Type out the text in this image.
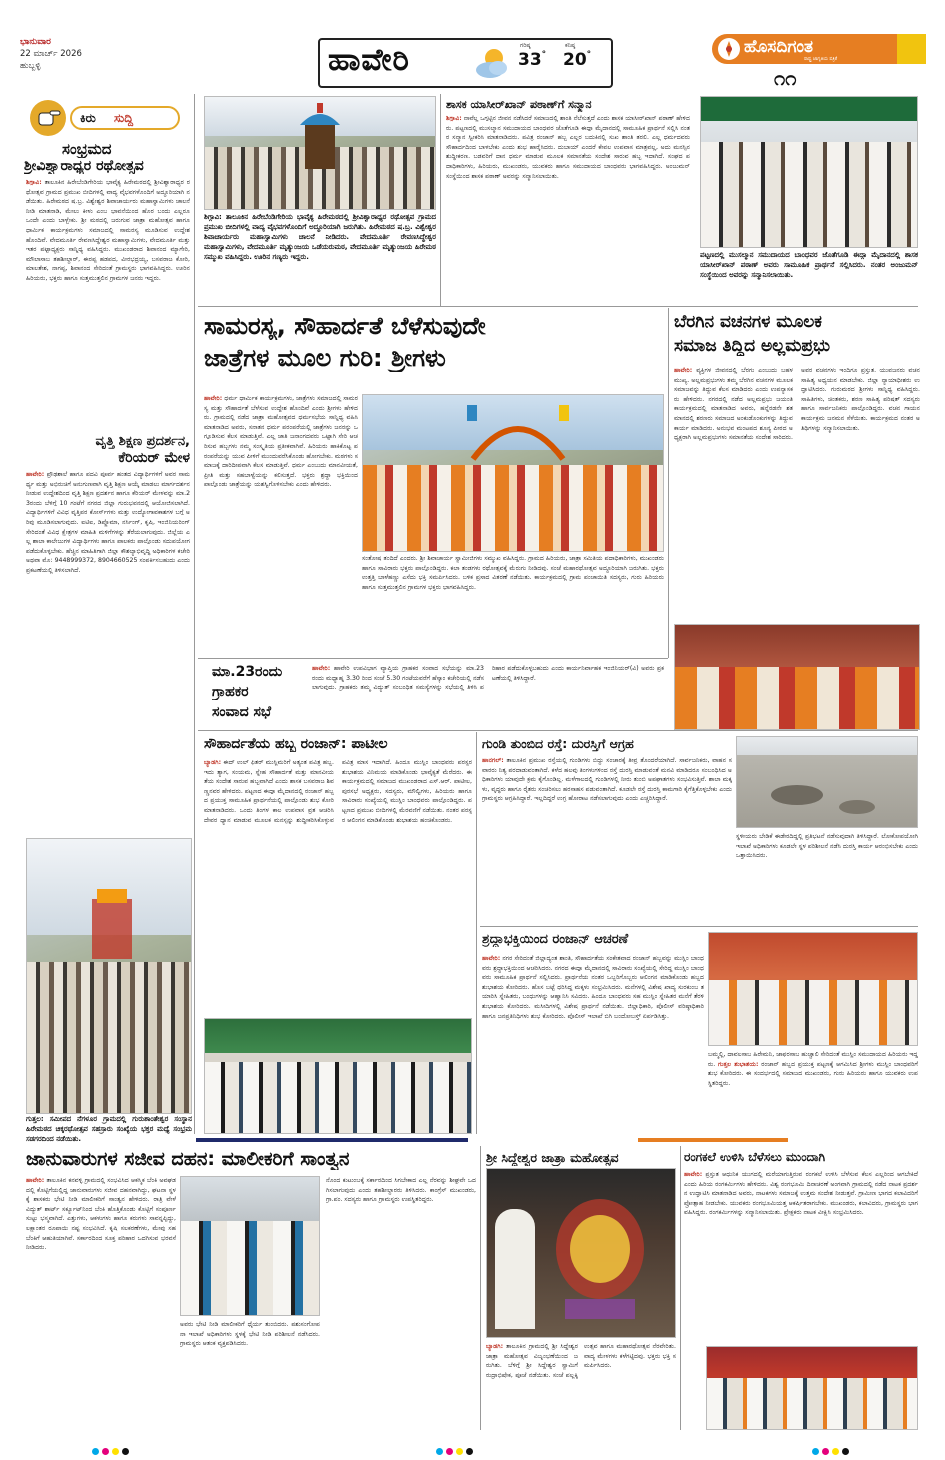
ಭಾನುವಾರ
22 ಮಾರ್ಚ್ 2026
ಹುಬ್ಬಳ್ಳಿ	ಹಾವೇರಿ	ಗರಿಷ್ಠ
33°
ಕನಿಷ್ಠ
20°	ಹೊಸದಿಗಂತ
ರಾಷ್ಟ್ರ ಜಾಗೃತಿಯ ಪತ್ರಿಕೆ
೧೧
ಕಿರು ಸುದ್ದಿ
ಸಂಭ್ರಮದ
ಶ್ರೀವಿಶ್ವಾರಾಧ್ಯರ ರಥೋತ್ಸವ
ಶಿಗ್ಗಾವಿ: ತಾಲೂಕಿನ ಹಿರೇಬೆಂಡಿಗೇರಿಯ ಭಾವೈಕ್ಯ ಹಿರೇಮಠದಲ್ಲಿ ಶ್ರೀವಿಶ್ವಾರಾಧ್ಯರ ರಥೋತ್ಸವ ಗ್ರಾಮದ ಪ್ರಮುಖ ಬೀದಿಗಳಲ್ಲಿ ವಾದ್ಯ ವೈಭವಗಳೊಂದಿಗೆ ಅದ್ಧೂರಿಯಾಗಿ ನಡೆಯಿತು. ಹಿರೇಮಠದ ಷ.ಬ್ರ. ವಿಶ್ವೇಶ್ವರ ಶಿವಾಚಾರ್ಯರು ಮಹಾಸ್ವಾಮಿಗಳು ಚಾಲನೆ ನೀಡಿ ಮಾತನಾಡಿ, ಮೇಲು ಕೀಳು ಎಂಬ ಭಾವನೆಯಿಂದ ಹೊರ ಬಂದು ಎಲ್ಲರೂ ಒಂದೇ ಎಂದು ಬಾಳ್ಬೇಕು. ಶ್ರೀ ಮಠದಲ್ಲಿ ಜರುಗುವ ಜಾತ್ರಾ ಮಹೋತ್ಸವ ಹಾಗೂ ಧಾರ್ಮಿಕ ಕಾರ್ಯಕ್ರಮಗಳು ಸಮಾಜದಲ್ಲಿ ಸಾಮರಸ್ಯ ಮೂಡಿಸುವ ಉದ್ದೇಶ ಹೊಂದಿವೆ. ವೇದಮೂರ್ತಿ ರೇವಣಸಿದ್ಧೇಶ್ವರ ಮಹಾಸ್ವಾಮಿಗಳು, ವೇದಮೂರ್ತಿ ಮತ್ತು ಇತರ ಪಟ್ಟಾಧ್ಯಕ್ಷರು ಸಾನ್ನಿಧ್ಯ ವಹಿಸಿದ್ದರು. ಮುಖಂಡರಾದ ಶಿವಾನಂದ ಮ್ಯಾಗೇರಿ, ಮೌಲಾಸಾಬ ತಹಶೀಲ್ದಾರ್, ಈರಪ್ಪ ಹಡಪದ, ವೀರಭದ್ರಯ್ಯ, ಬಸವರಾಜ ಕೋರಿ, ಮಾಲತೇಶ, ನಾಗಪ್ಪ, ಶಿವಾನಂದ ಸೇರಿದಂತೆ ಗ್ರಾಮಸ್ಥರು ಭಾಗವಹಿಸಿದ್ದರು. ಊರಿನ ಹಿರಿಯರು, ಭಕ್ತರು ಹಾಗೂ ಸುತ್ತಮುತ್ತಲಿನ ಗ್ರಾಮಗಳ ಜನರು ಇದ್ದರು.
ವೃತ್ತಿ ಶಿಕ್ಷಣ ಪ್ರದರ್ಶನ,
ಕೆರಿಯರ್ ಮೇಳ
ಹಾವೇರಿ: ಪ್ರೌಢಶಾಲೆ ಹಾಗೂ ಪದವಿ ಪೂರ್ವ ಹಂತದ ವಿದ್ಯಾರ್ಥಿಗಳಿಗೆ ಅವರ ಸಾಮರ್ಥ್ಯ ಮತ್ತು ಅಭಿರುಚಿಗೆ ಅನುಗುಣವಾಗಿ ವೃತ್ತಿ ಶಿಕ್ಷಣ ಆಯ್ಕೆ ಮಾಡಲು ಮಾರ್ಗದರ್ಶನ ನೀಡುವ ಉದ್ದೇಶದಿಂದ ವೃತ್ತಿ ಶಿಕ್ಷಣ ಪ್ರದರ್ಶನ ಹಾಗೂ ಕೆರಿಯರ್ ಮೇಳವನ್ನು ಮಾ.23ರಂದು ಬೆಳಿಗ್ಗೆ 10 ಗಂಟೆಗೆ ನಗರದ ಜಿಲ್ಲಾ ಗುರುಭವನದಲ್ಲಿ ಆಯೋಜಿಸಲಾಗಿದೆ. ವಿದ್ಯಾರ್ಥಿಗಳಿಗೆ ವಿವಿಧ ವೃತ್ತಿಪರ ಕೋರ್ಸ್‌ಗಳು ಮತ್ತು ಉದ್ಯೋಗಾವಕಾಶಗಳ ಬಗ್ಗೆ ಅರಿವು ಮೂಡಿಸಲಾಗುವುದು. ಐಟಿಐ, ಡಿಪ್ಲೊಮಾ, ನರ್ಸಿಂಗ್, ಕೃಷಿ, ಇಂಜಿನಿಯರಿಂಗ್ ಸೇರಿದಂತೆ ವಿವಿಧ ಕ್ಷೇತ್ರಗಳ ಮಾಹಿತಿ ಮಳಿಗೆಗಳನ್ನು ತೆರೆಯಲಾಗುವುದು. ಜಿಲ್ಲೆಯ ಎಲ್ಲ ಶಾಲಾ ಕಾಲೇಜುಗಳ ವಿದ್ಯಾರ್ಥಿಗಳು ಹಾಗೂ ಪಾಲಕರು ಪಾಲ್ಗೊಂಡು ಸದುಪಯೋಗ ಪಡೆದುಕೊಳ್ಳಬೇಕು. ಹೆಚ್ಚಿನ ಮಾಹಿತಿಗಾಗಿ ಜಿಲ್ಲಾ ಕೌಶಲ್ಯಾಭಿವೃದ್ಧಿ ಅಧಿಕಾರಿಗಳ ಕಚೇರಿ ಅಥವಾ ಮೊ: 9448999372, 8904660525 ಸಂಪರ್ಕಿಸಬಹುದು ಎಂದು ಪ್ರಕಟಣೆಯಲ್ಲಿ ತಿಳಿಸಲಾಗಿದೆ.
ಗುತ್ತಲ: ಸಮೀಪದ ನೆಗಳೂರ ಗ್ರಾಮದಲ್ಲಿ ಗುರುಶಾಂತೇಶ್ವರ ಸಂಸ್ಥಾನ ಹಿರೇಮಠದ ಚಿಕ್ಕರಥೋತ್ಸವ ಸಹಸ್ರಾರು ಸಂಖ್ಯೆಯ ಭಕ್ತರ ಮಧ್ಯೆ ಸಂಭ್ರಮ ಸಡಗರದಿಂದ ನಡೆಯಿತು.
ಶಿಗ್ಗಾವಿ: ತಾಲೂಕಿನ ಹಿರೇಬೆಂಡಿಗೇರಿಯ ಭಾವೈಕ್ಯ ಹಿರೇಮಠದಲ್ಲಿ ಶ್ರೀವಿಶ್ವಾರಾಧ್ಯರ ರಥೋತ್ಸವ ಗ್ರಾಮದ ಪ್ರಮುಖ ಬೀದಿಗಳಲ್ಲಿ ವಾದ್ಯ ವೈಭವಗಳೊಂದಿಗೆ ಅದ್ಧೂರಿಯಾಗಿ ಜರುಗಿತು. ಹಿರೇಮಠದ ಷ.ಬ್ರ. ವಿಶ್ವೇಶ್ವರ ಶಿವಾಚಾರ್ಯರು ಮಹಾಸ್ವಾಮಿಗಳು ಚಾಲನೆ ನೀಡಿದರು. ವೇದಮೂರ್ತಿ ರೇವಣಸಿದ್ಧೇಶ್ವರ ಮಹಾಸ್ವಾಮಿಗಳು, ವೇದಮೂರ್ತಿ ಮೃತ್ಯುಂಜಯ ಒಡೆಯರುಮಠ, ವೇದಮೂರ್ತಿ ಮೃತ್ಯುಂಜಯ ಹಿರೇಮಠ ಸಮ್ಮುಖ ವಹಿಸಿದ್ದರು. ಊರಿನ ಗಣ್ಯರು ಇದ್ದರು.
ಶಾಸಕ ಯಾಸೀರ್‌ಖಾನ್ ಪಠಾಣ್‌ಗೆ ಸನ್ಮಾನ
ಶಿಗ್ಗಾವಿ: ನಾವೆಲ್ಲ ಒಗ್ಗಟ್ಟಿನ ಜೀವನ ನಡೆಸಿದರೆ ಸಮಾಜದಲ್ಲಿ ಶಾಂತಿ ನೆಲೆಸುತ್ತದೆ ಎಂದು ಶಾಸಕ ಯಾಸೀರ್‌ಖಾನ್ ಪಠಾಣ್ ಹೇಳಿದರು. ಪಟ್ಟಣದಲ್ಲಿ ಮುಸಲ್ಮಾನ ಸಮುದಾಯದ ಬಾಂಧವರ ಜೊತೆಗೂಡಿ ಈದ್ಗಾ ಮೈದಾನದಲ್ಲಿ ಸಾಮೂಹಿಕ ಪ್ರಾರ್ಥನೆ ಸಲ್ಲಿಸಿ ನಂತರ ಸನ್ಮಾನ ಸ್ವೀಕರಿಸಿ ಮಾತನಾಡಿದರು. ಪವಿತ್ರ ರಂಜಾನ್ ಹಬ್ಬ ಎಲ್ಲರ ಬದುಕಿನಲ್ಲಿ ಸುಖ ಶಾಂತಿ ತರಲಿ. ಎಲ್ಲ ಧರ್ಮದವರು ಸೌಹಾರ್ದದಿಂದ ಬಾಳಬೇಕು ಎಂದು ಶುಭ ಹಾರೈಸಿದರು. ದುಬಾಯ್ ಎಂದರೆ ಕೇವಲ ಉಪವಾಸ ಮಾತ್ರವಲ್ಲ, ಅದು ಮನಸ್ಸಿನ ಶುದ್ಧೀಕರಣ. ಬಡವರಿಗೆ ದಾನ ಧರ್ಮ ಮಾಡುವ ಮೂಲಕ ಸಮಾನತೆಯ ಸಂದೇಶ ಸಾರುವ ಹಬ್ಬ ಇದಾಗಿದೆ. ಸಂಘದ ಪದಾಧಿಕಾರಿಗಳು, ಹಿರಿಯರು, ಮುಖಂಡರು, ಯುವಕರು ಹಾಗೂ ಸಮುದಾಯದ ಬಾಂಧವರು ಭಾಗವಹಿಸಿದ್ದರು. ಅಂಜುಮನ್ ಸಂಸ್ಥೆಯಿಂದ ಶಾಸಕ ಪಠಾಣ್ ಅವರನ್ನು ಸನ್ಮಾನಿಸಲಾಯಿತು.
ಪಟ್ಟಣದಲ್ಲಿ ಮುಸಲ್ಮಾನ ಸಮುದಾಯದ ಬಾಂಧವರ ಜೊತೆಗೂಡಿ ಈದ್ಗಾ ಮೈದಾನದಲ್ಲಿ ಶಾಸಕ ಯಾಸೀರ್‌ಖಾನ್ ಪಠಾಣ್ ಅವರು ಸಾಮೂಹಿಕ ಪ್ರಾರ್ಥನೆ ಸಲ್ಲಿಸಿದರು. ನಂತರ ಅಂಜುಮನ್ ಸಂಸ್ಥೆಯಿಂದ ಅವರನ್ನು ಸನ್ಮಾನಿಸಲಾಯಿತು.
ಸಾಮರಸ್ಯ, ಸೌಹಾರ್ದತೆ ಬೆಳೆಸುವುದೇ
ಜಾತ್ರೆಗಳ ಮೂಲ ಗುರಿ: ಶ್ರೀಗಳು
ಹಾವೇರಿ: ಧರ್ಮ ಧಾರ್ಮಿಕ ಕಾರ್ಯಕ್ರಮಗಳು, ಜಾತ್ರೆಗಳು ಸಮಾಜದಲ್ಲಿ ಸಾಮರಸ್ಯ ಮತ್ತು ಸೌಹಾರ್ದತೆ ಬೆಳೆಸುವ ಉದ್ದೇಶ ಹೊಂದಿವೆ ಎಂದು ಶ್ರೀಗಳು ಹೇಳಿದರು. ಗ್ರಾಮದಲ್ಲಿ ನಡೆದ ಜಾತ್ರಾ ಮಹೋತ್ಸವದ ಧರ್ಮಸಭೆಯ ಸಾನ್ನಿಧ್ಯ ವಹಿಸಿ ಮಾತನಾಡಿದ ಅವರು, ಸನಾತನ ಧರ್ಮ ಪರಂಪರೆಯಲ್ಲಿ ಜಾತ್ರೆಗಳು ಜನರನ್ನು ಒಗ್ಗೂಡಿಸುವ ಕೆಲಸ ಮಾಡುತ್ತಿವೆ. ಎಲ್ಲ ಜಾತಿ ಜನಾಂಗದವರು ಒಟ್ಟಾಗಿ ಸೇರಿ ಆಚರಿಸುವ ಹಬ್ಬಗಳು ನಮ್ಮ ಸಂಸ್ಕೃತಿಯ ಪ್ರತೀಕವಾಗಿವೆ. ಹಿರಿಯರು ಹಾಕಿಕೊಟ್ಟ ಪರಂಪರೆಯನ್ನು ಯುವ ಪೀಳಿಗೆ ಮುಂದುವರೆಸಿಕೊಂಡು ಹೋಗಬೇಕು. ಮಠಗಳು ಸಮಾಜಕ್ಕೆ ದಾರಿದೀಪವಾಗಿ ಕೆಲಸ ಮಾಡುತ್ತಿವೆ. ಧರ್ಮ ಎಂಬುದು ಮಾನವೀಯತೆ, ಪ್ರೀತಿ ಮತ್ತು ಸಹಬಾಳ್ವೆಯನ್ನು ಕಲಿಸುತ್ತದೆ. ಭಕ್ತರು ಶ್ರದ್ಧಾ ಭಕ್ತಿಯಿಂದ ಪಾಲ್ಗೊಂಡು ಜಾತ್ರೆಯನ್ನು ಯಶಸ್ವಿಗೊಳಿಸಬೇಕು ಎಂದು ಹೇಳಿದರು.
ಸಂತೋಷ ತಂದಿದೆ ಎಂದರು. ಶ್ರೀ ಶಿವಾಚಾರ್ಯ ಸ್ವಾಮೀಜಿಗಳು ಸಮ್ಮುಖ ವಹಿಸಿದ್ದರು. ಗ್ರಾಮದ ಹಿರಿಯರು, ಜಾತ್ರಾ ಸಮಿತಿಯ ಪದಾಧಿಕಾರಿಗಳು, ಮುಖಂಡರು ಹಾಗೂ ಸಾವಿರಾರು ಭಕ್ತರು ಪಾಲ್ಗೊಂಡಿದ್ದರು. ಕಲಾ ತಂಡಗಳು ರಥೋತ್ಸವಕ್ಕೆ ಮೆರುಗು ನೀಡಿದವು. ಸಂಜೆ ಮಹಾರಥೋತ್ಸವ ಅದ್ಧೂರಿಯಾಗಿ ಜರುಗಿತು. ಭಕ್ತರು ಉತ್ತತ್ತಿ ಬಾಳೆಹಣ್ಣು ಎಸೆದು ಭಕ್ತಿ ಸಮರ್ಪಿಸಿದರು. ಬಳಿಕ ಪ್ರಸಾದ ವಿತರಣೆ ನಡೆಯಿತು. ಕಾರ್ಯಕ್ರಮದಲ್ಲಿ ಗ್ರಾಮ ಪಂಚಾಯಿತಿ ಸದಸ್ಯರು, ಗುರು ಹಿರಿಯರು ಹಾಗೂ ಸುತ್ತಮುತ್ತಲಿನ ಗ್ರಾಮಗಳ ಭಕ್ತರು ಭಾಗವಹಿಸಿದ್ದರು.
ಬೆರಗಿನ ವಚನಗಳ ಮೂಲಕ
ಸಮಾಜ ತಿದ್ದಿದ ಅಲ್ಲಮಪ್ರಭು
ಹಾವೇರಿ: ವ್ಯಕ್ತಿಗಳ ಜೀವನದಲ್ಲಿ ಬೆರಗು ಎಂಬುದು ಬಹಳ ಮುಖ್ಯ. ಅಲ್ಲಮಪ್ರಭುಗಳು ತಮ್ಮ ಬೆರಗಿನ ವಚನಗಳ ಮೂಲಕ ಸಮಾಜವನ್ನು ತಿದ್ದುವ ಕೆಲಸ ಮಾಡಿದರು ಎಂದು ಉಪನ್ಯಾಸಕರು ಹೇಳಿದರು. ನಗರದಲ್ಲಿ ನಡೆದ ಅಲ್ಲಮಪ್ರಭು ಜಯಂತಿ ಕಾರ್ಯಕ್ರಮದಲ್ಲಿ ಮಾತನಾಡಿದ ಅವರು, ಹನ್ನೆರಡನೇ ಶತಮಾನದಲ್ಲಿ ಶರಣರು ಸಮಾಜದ ಅಂಕುಡೊಂಕುಗಳನ್ನು ತಿದ್ದುವ ಕಾರ್ಯ ಮಾಡಿದರು. ಅನುಭವ ಮಂಟಪದ ಶೂನ್ಯ ಪೀಠದ ಅಧ್ಯಕ್ಷರಾಗಿ ಅಲ್ಲಮಪ್ರಭುಗಳು ಸಮಾನತೆಯ ಸಂದೇಶ ಸಾರಿದರು. ಅವರ ವಚನಗಳು ಇಂದಿಗೂ ಪ್ರಸ್ತುತ. ಯುವಜನರು ವಚನ ಸಾಹಿತ್ಯ ಅಧ್ಯಯನ ಮಾಡಬೇಕು. ಜಿಲ್ಲಾ ನ್ಯಾಯಾಧೀಶರು ಉದ್ಘಾಟಿಸಿದರು. ಗುರುಮಠದ ಶ್ರೀಗಳು ಸಾನ್ನಿಧ್ಯ ವಹಿಸಿದ್ದರು. ಸಾಹಿತಿಗಳು, ಚಿಂತಕರು, ಶರಣ ಸಾಹಿತ್ಯ ಪರಿಷತ್ ಸದಸ್ಯರು ಹಾಗೂ ಸಾರ್ವಜನಿಕರು ಪಾಲ್ಗೊಂಡಿದ್ದರು. ವಚನ ಗಾಯನ ಕಾರ್ಯಕ್ರಮ ಜನಮನ ಸೆಳೆಯಿತು. ಕಾರ್ಯಕ್ರಮದ ನಂತರ ಅತಿಥಿಗಳನ್ನು ಸನ್ಮಾನಿಸಲಾಯಿತು.
ಮಾ.23ರಂದು
ಗ್ರಾಹಕರ
ಸಂವಾದ ಸಭೆ
ಹಾವೇರಿ: ಹಾವೇರಿ ಉಪವಿಭಾಗ ವ್ಯಾಪ್ತಿಯ ಗ್ರಾಹಕರ ಸಂವಾದ ಸಭೆಯನ್ನು ಮಾ.23 ರಂದು ಮಧ್ಯಾಹ್ನ 3.30 ರಿಂದ ಸಂಜೆ 5.30 ಗಂಟೆಯವರೆಗೆ ಹೆಸ್ಕಾಂ ಕಚೇರಿಯಲ್ಲಿ ನಡೆಸಲಾಗುವುದು. ಗ್ರಾಹಕರು ತಮ್ಮ ವಿದ್ಯುತ್ ಸಂಬಂಧಿತ ಸಮಸ್ಯೆಗಳನ್ನು ಸಭೆಯಲ್ಲಿ ತಿಳಿಸಿ ಪರಿಹಾರ ಪಡೆದುಕೊಳ್ಳಬಹುದು ಎಂದು ಕಾರ್ಯನಿರ್ವಾಹಕ ಇಂಜಿನಿಯರ್(ವಿ) ಅವರು ಪ್ರಕಟಣೆಯಲ್ಲಿ ತಿಳಿಸಿದ್ದಾರೆ.
ಸೌಹಾರ್ದತೆಯ ಹಬ್ಬ ರಂಜಾನ್: ಪಾಟೀಲ
ಬ್ಯಾಡಗಿ: ಈದ್ ಉಲ್ ಫಿತರ್ ಮುಸ್ಲಿಮರಿಗೆ ಅತ್ಯಂತ ಪವಿತ್ರ ಹಬ್ಬ. ಇದು ತ್ಯಾಗ, ಸಂಯಮ, ಸ್ನೇಹ ಸೌಹಾರ್ದತೆ ಮತ್ತು ಮಾನವೀಯತೆಯ ಸಂದೇಶ ಸಾರುವ ಹಬ್ಬವಾಗಿದೆ ಎಂದು ಶಾಸಕ ಬಸವರಾಜ ಶಿವಣ್ಣನವರ ಹೇಳಿದರು. ಪಟ್ಟಣದ ಈದ್ಗಾ ಮೈದಾನದಲ್ಲಿ ರಂಜಾನ್ ಹಬ್ಬದ ಪ್ರಯುಕ್ತ ಸಾಮೂಹಿಕ ಪ್ರಾರ್ಥನೆಯಲ್ಲಿ ಪಾಲ್ಗೊಂಡು ಶುಭ ಕೋರಿ ಮಾತನಾಡಿದರು. ಒಂದು ತಿಂಗಳ ಕಾಲ ಉಪವಾಸ ವ್ರತ ಆಚರಿಸಿ ದೇವರ ಧ್ಯಾನ ಮಾಡುವ ಮೂಲಕ ಮನಸ್ಸನ್ನು ಶುದ್ಧೀಕರಿಸಿಕೊಳ್ಳುವ ಪವಿತ್ರ ಮಾಸ ಇದಾಗಿದೆ. ಹಿಂದೂ ಮುಸ್ಲಿಂ ಬಾಂಧವರು ಪರಸ್ಪರ ಶುಭಾಶಯ ವಿನಿಮಯ ಮಾಡಿಕೊಂಡು ಭಾವೈಕ್ಯತೆ ಮೆರೆದರು. ಈ ಕಾರ್ಯಕ್ರಮದಲ್ಲಿ ಸಮಾಜದ ಮುಖಂಡರಾದ ಎಸ್.ಆರ್. ಪಾಟೀಲ, ಪುರಸಭೆ ಅಧ್ಯಕ್ಷರು, ಸದಸ್ಯರು, ಮೌಲ್ವಿಗಳು, ಹಿರಿಯರು ಹಾಗೂ ಸಾವಿರಾರು ಸಂಖ್ಯೆಯಲ್ಲಿ ಮುಸ್ಲಿಂ ಬಾಂಧವರು ಪಾಲ್ಗೊಂಡಿದ್ದರು. ಪಟ್ಟಣದ ಪ್ರಮುಖ ಬೀದಿಗಳಲ್ಲಿ ಮೆರವಣಿಗೆ ನಡೆಯಿತು. ನಂತರ ಪರಸ್ಪರ ಆಲಿಂಗನ ಮಾಡಿಕೊಂಡು ಶುಭಾಶಯ ಹಂಚಿಕೊಂಡರು.
ಗುಂಡಿ ತುಂಬಿದ ರಸ್ತೆ: ದುರಸ್ತಿಗೆ ಆಗ್ರಹ
ಹಾನಗಲ್: ತಾಲೂಕಿನ ಪ್ರಮುಖ ರಸ್ತೆಯಲ್ಲಿ ಗುಂಡಿಗಳು ಬಿದ್ದು ಸಂಚಾರಕ್ಕೆ ತೀವ್ರ ತೊಂದರೆಯಾಗಿದೆ. ಸಾರ್ವಜನಿಕರು, ವಾಹನ ಸವಾರರು ನಿತ್ಯ ಪರದಾಡುವಂತಾಗಿದೆ. ಕಳೆದ ಹಲವು ತಿಂಗಳುಗಳಿಂದ ರಸ್ತೆ ದುರಸ್ತಿ ಮಾಡುವಂತೆ ಮನವಿ ಮಾಡಿದರೂ ಸಂಬಂಧಿಸಿದ ಅಧಿಕಾರಿಗಳು ಯಾವುದೇ ಕ್ರಮ ಕೈಗೊಂಡಿಲ್ಲ. ಮಳೆಗಾಲದಲ್ಲಿ ಗುಂಡಿಗಳಲ್ಲಿ ನೀರು ತುಂಬಿ ಅಪಘಾತಗಳು ಸಂಭವಿಸುತ್ತಿವೆ. ಶಾಲಾ ಮಕ್ಕಳು, ವೃದ್ಧರು ಹಾಗೂ ರೈತರು ಸಂಚರಿಸಲು ಹರಸಾಹಸ ಪಡುವಂತಾಗಿದೆ. ಕೂಡಲೇ ರಸ್ತೆ ದುರಸ್ತಿ ಕಾಮಗಾರಿ ಕೈಗೆತ್ತಿಕೊಳ್ಳಬೇಕು ಎಂದು ಗ್ರಾಮಸ್ಥರು ಆಗ್ರಹಿಸಿದ್ದಾರೆ. ಇಲ್ಲದಿದ್ದರೆ ಉಗ್ರ ಹೋರಾಟ ನಡೆಸಲಾಗುವುದು ಎಂದು ಎಚ್ಚರಿಸಿದ್ದಾರೆ.
ಸ್ಥಳೀಯರು ಬೇಡಿಕೆ ಈಡೇರದಿದ್ದಲ್ಲಿ ಪ್ರತಿಭಟನೆ ನಡೆಸುವುದಾಗಿ ತಿಳಿಸಿದ್ದಾರೆ. ಲೋಕೋಪಯೋಗಿ ಇಲಾಖೆ ಅಧಿಕಾರಿಗಳು ಕೂಡಲೇ ಸ್ಥಳ ಪರಿಶೀಲನೆ ನಡೆಸಿ ದುರಸ್ತಿ ಕಾರ್ಯ ಆರಂಭಿಸಬೇಕು ಎಂದು ಒತ್ತಾಯಿಸಿದರು.
ಶ್ರದ್ಧಾಭಕ್ತಿಯಿಂದ ರಂಜಾನ್ ಆಚರಣೆ
ಹಾವೇರಿ: ನಗರ ಸೇರಿದಂತೆ ಜಿಲ್ಲಾದ್ಯಂತ ಶಾಂತಿ, ಸೌಹಾರ್ದತೆಯ ಸಂಕೇತವಾದ ರಂಜಾನ್ ಹಬ್ಬವನ್ನು ಮುಸ್ಲಿಂ ಬಾಂಧವರು ಶ್ರದ್ಧಾಭಕ್ತಿಯಿಂದ ಆಚರಿಸಿದರು. ನಗರದ ಈದ್ಗಾ ಮೈದಾನದಲ್ಲಿ ಸಾವಿರಾರು ಸಂಖ್ಯೆಯಲ್ಲಿ ಸೇರಿದ್ದ ಮುಸ್ಲಿಂ ಬಾಂಧವರು ಸಾಮೂಹಿಕ ಪ್ರಾರ್ಥನೆ ಸಲ್ಲಿಸಿದರು. ಪ್ರಾರ್ಥನೆಯ ನಂತರ ಒಬ್ಬರಿಗೊಬ್ಬರು ಆಲಿಂಗನ ಮಾಡಿಕೊಂಡು ಹಬ್ಬದ ಶುಭಾಶಯ ಕೋರಿದರು. ಹೊಸ ಬಟ್ಟೆ ಧರಿಸಿದ್ದ ಮಕ್ಕಳು ಸಂಭ್ರಮಿಸಿದರು. ಮನೆಗಳಲ್ಲಿ ವಿಶೇಷ ಖಾದ್ಯ ಸುರಕುಂಬ ತಯಾರಿಸಿ ಸ್ನೇಹಿತರು, ಬಂಧುಗಳನ್ನು ಆಹ್ವಾನಿಸಿ ಸವಿದರು. ಹಿಂದೂ ಬಾಂಧವರು ಸಹ ಮುಸ್ಲಿಂ ಸ್ನೇಹಿತರ ಮನೆಗೆ ತೆರಳಿ ಶುಭಾಶಯ ಕೋರಿದರು. ಮಸೀದಿಗಳಲ್ಲಿ ವಿಶೇಷ ಪ್ರಾರ್ಥನೆ ನಡೆಯಿತು. ಜಿಲ್ಲಾಧಿಕಾರಿ, ಪೊಲೀಸ್ ವರಿಷ್ಠಾಧಿಕಾರಿ ಹಾಗೂ ಜನಪ್ರತಿನಿಧಿಗಳು ಶುಭ ಕೋರಿದರು. ಪೊಲೀಸ್ ಇಲಾಖೆ ಬಿಗಿ ಬಂದೋಬಸ್ತ್ ಏರ್ಪಡಿಸಿತ್ತು.
ಬಮ್ಮಲ್ಲಿ, ದಾವಲಸಾಬ ಹಿರೇಮನಿ, ಜಾಫರಸಾಬ ಹುಚ್ಚಾಲಿ ಸೇರಿದಂತೆ ಮುಸ್ಲಿಂ ಸಮುದಾಯದ ಹಿರಿಯರು ಇದ್ದರು. ಗುತ್ತಲ ಶುಭಾಶಯ: ರಂಜಾನ್ ಹಬ್ಬದ ಪ್ರಯುಕ್ತ ಪಟ್ಟಣಕ್ಕೆ ಆಗಮಿಸಿದ ಶ್ರೀಗಳು ಮುಸ್ಲಿಂ ಬಾಂಧವರಿಗೆ ಶುಭ ಕೋರಿದರು. ಈ ಸಂದರ್ಭದಲ್ಲಿ ಸಮಾಜದ ಮುಖಂಡರು, ಗುರು ಹಿರಿಯರು ಹಾಗೂ ಯುವಕರು ಉಪಸ್ಥಿತರಿದ್ದರು.
ಜಾನುವಾರುಗಳ ಸಜೀವ ದಹನ: ಮಾಲೀಕರಿಗೆ ಸಾಂತ್ವನ
ಹಾವೇರಿ: ತಾಲೂಕಿನ ಕನವಳ್ಳಿ ಗ್ರಾಮದಲ್ಲಿ ಸಂಭವಿಸಿದ ಆಕಸ್ಮಿಕ ಬೆಂಕಿ ಅವಘಡದಲ್ಲಿ ಕೊಟ್ಟಿಗೆಯಲ್ಲಿದ್ದ ಜಾನುವಾರುಗಳು ಸಜೀವ ದಹನವಾಗಿದ್ದು, ಘಟನಾ ಸ್ಥಳಕ್ಕೆ ಶಾಸಕರು ಭೇಟಿ ನೀಡಿ ಮಾಲೀಕರಿಗೆ ಸಾಂತ್ವನ ಹೇಳಿದರು. ರಾತ್ರಿ ವೇಳೆ ವಿದ್ಯುತ್ ಶಾರ್ಟ್ ಸರ್ಕ್ಯೂಟ್‌ನಿಂದ ಬೆಂಕಿ ಹೊತ್ತಿಕೊಂಡು ಕೊಟ್ಟಿಗೆ ಸಂಪೂರ್ಣ ಸುಟ್ಟು ಭಸ್ಮವಾಗಿದೆ. ಎತ್ತುಗಳು, ಆಕಳುಗಳು ಹಾಗೂ ಕರುಗಳು ಸಾವನ್ನಪ್ಪಿದ್ದು, ಲಕ್ಷಾಂತರ ರೂಪಾಯಿ ನಷ್ಟ ಸಂಭವಿಸಿದೆ. ಕೃಷಿ ಸಲಕರಣೆಗಳು, ಮೇವು ಸಹ ಬೆಂಕಿಗೆ ಆಹುತಿಯಾಗಿವೆ. ಸರ್ಕಾರದಿಂದ ಸೂಕ್ತ ಪರಿಹಾರ ಒದಗಿಸುವ ಭರವಸೆ ನೀಡಿದರು.
ಅವರು ಭೇಟಿ ನೀಡಿ ಮಾಲೀಕರಿಗೆ ಧೈರ್ಯ ತುಂಬಿದರು. ಪಶುಸಂಗೋಪನಾ ಇಲಾಖೆ ಅಧಿಕಾರಿಗಳು ಸ್ಥಳಕ್ಕೆ ಭೇಟಿ ನೀಡಿ ಪರಿಶೀಲನೆ ನಡೆಸಿದರು. ಗ್ರಾಮಸ್ಥರು ಆತಂಕ ವ್ಯಕ್ತಪಡಿಸಿದರು.
ನೊಂದ ಕುಟುಂಬಕ್ಕೆ ಸರ್ಕಾರದಿಂದ ಸಿಗಬೇಕಾದ ಎಲ್ಲ ನೆರವನ್ನು ಶೀಘ್ರವೇ ಒದಗಿಸಲಾಗುವುದು ಎಂದು ತಹಶೀಲ್ದಾರರು ತಿಳಿಸಿದರು. ಕಾಂಗ್ರೆಸ್ ಮುಖಂಡರು, ಗ್ರಾ.ಪಂ. ಸದಸ್ಯರು ಹಾಗೂ ಗ್ರಾಮಸ್ಥರು ಉಪಸ್ಥಿತರಿದ್ದರು.
ಶ್ರೀ ಸಿದ್ದೇಶ್ವರ ಜಾತ್ರಾ ಮಹೋತ್ಸವ
ಬ್ಯಾಡಗಿ: ತಾಲೂಕಿನ ಗ್ರಾಮದಲ್ಲಿ ಶ್ರೀ ಸಿದ್ದೇಶ್ವರ ಜಾತ್ರಾ ಮಹೋತ್ಸವ ವಿಜೃಂಭಣೆಯಿಂದ ಜರುಗಿತು. ಬೆಳಿಗ್ಗೆ ಶ್ರೀ ಸಿದ್ದೇಶ್ವರ ಸ್ವಾಮಿಗೆ ರುದ್ರಾಭಿಷೇಕ, ಪೂಜೆ ನಡೆಯಿತು. ಸಂಜೆ ಪಲ್ಲಕ್ಕಿ ಉತ್ಸವ ಹಾಗೂ ಮಹಾರಥೋತ್ಸವ ನೆರವೇರಿತು. ವಾದ್ಯ ಮೇಳಗಳು ಕಳೆಗಟ್ಟಿದವು. ಭಕ್ತರು ಭಕ್ತಿ ಸಮರ್ಪಿಸಿದರು.
ರಂಗಕಲೆ ಉಳಿಸಿ ಬೆಳೆಸಲು ಮುಂದಾಗಿ
ಹಾವೇರಿ: ಪ್ರಸ್ತುತ ಆಧುನಿಕ ಯುಗದಲ್ಲಿ ಮರೆಯಾಗುತ್ತಿರುವ ರಂಗಕಲೆ ಉಳಿಸಿ ಬೆಳೆಸುವ ಕೆಲಸ ಎಲ್ಲರಿಂದ ಆಗಬೇಕಿದೆ ಎಂದು ಹಿರಿಯ ರಂಗಕರ್ಮಿಗಳು ಹೇಳಿದರು. ವಿಶ್ವ ರಂಗಭೂಮಿ ದಿನಾಚರಣೆ ಅಂಗವಾಗಿ ಗ್ರಾಮದಲ್ಲಿ ನಡೆದ ನಾಟಕ ಪ್ರದರ್ಶನ ಉದ್ಘಾಟಿಸಿ ಮಾತನಾಡಿದ ಅವರು, ನಾಟಕಗಳು ಸಮಾಜಕ್ಕೆ ಉತ್ತಮ ಸಂದೇಶ ನೀಡುತ್ತವೆ. ಗ್ರಾಮೀಣ ಭಾಗದ ಕಲಾವಿದರಿಗೆ ಪ್ರೋತ್ಸಾಹ ನೀಡಬೇಕು. ಯುವಕರು ರಂಗಭೂಮಿಯತ್ತ ಆಕರ್ಷಿತರಾಗಬೇಕು. ಮುಖಂಡರು, ಕಲಾವಿದರು, ಗ್ರಾಮಸ್ಥರು ಭಾಗವಹಿಸಿದ್ದರು. ರಂಗಕರ್ಮಿಗಳನ್ನು ಸನ್ಮಾನಿಸಲಾಯಿತು. ಪ್ರೇಕ್ಷಕರು ನಾಟಕ ವೀಕ್ಷಿಸಿ ಸಂಭ್ರಮಿಸಿದರು.
